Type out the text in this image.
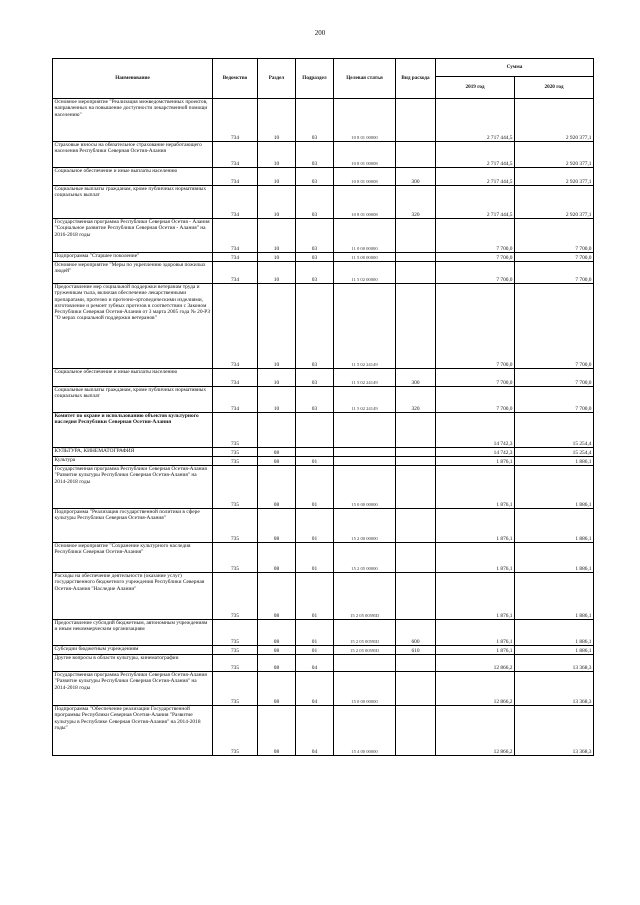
200
Наименование	Ведомство	Раздел	Подраздел	Целевая статья	Вид расхода	Сумма	
						2019 год	2020 год
Основное мероприятие "Реализация межведомственных проектов, направленных на повышение доступности лекарственной помощи населению"	734	10	03	10 8 01 00000		2 717 444,5	2 920 377,1
Страховые взносы на обязательное страхование неработающего населения Республики Северная Осетия-Алания	734	10	03	10 8 01 00008		2 717 444,5	2 920 377,1
Социальное обеспечение и иные выплаты населению	734	10	03	10 8 01 00008	300	2 717 444,5	2 920 377,1
Социальные выплаты гражданам, кроме публичных нормативных социальных выплат	734	10	03	10 8 01 00008	320	2 717 444,5	2 920 377,1
Государственная программа Республики Северная Осетия - Алания "Социальное развитие Республики Северная Осетия - Алания" на 2016-2018 годы	734	10	03	11 0 00 00000		7 700,0	7 700,0
Подпрограмма "Старшее поколение"	734	10	03	11 5 00 00000		7 700,0	7 700,0
Основное мероприятие "Меры по укреплению здоровья пожилых людей"	734	10	03	11 5 02 00000		7 700,0	7 700,0
Предоставление мер социальной поддержки ветеранам труда и труженикам тыла, включая обеспечение лекарственными препаратами, протезно и протезно-ортопедическими изделиями, изготовление и ремонт зубных протезов в соответствии с Законом Республики Северная Осетия-Алания от 3 марта 2005 года № 20-РЗ "О мерах социальной поддержки ветеранов"	734	10	03	11 5 02 24149		7 700,0	7 700,0
Социальное обеспечение и иные выплаты населению	734	10	03	11 5 02 24149	300	7 700,0	7 700,0
Социальные выплаты гражданам, кроме публичных нормативных социальных выплат	734	10	03	11 5 02 24149	320	7 700,0	7 700,0
Комитет по охране и использованию объектов культурного наследия Республики Северная Осетия-Алания	735					14 742,3	15 254,4
КУЛЬТУРА, КИНЕМАТОГРАФИЯ	735	08				14 742,3	15 254,4
Культура	735	08	01			1 876,1	1 886,1
Государственная программа Республики Северная Осетия-Алания "Развитие культуры Республики Северная Осетия-Алания" на 2014-2018 годы	735	08	01	15 0 00 00000		1 876,1	1 886,1
Подпрограмма "Реализация государственной политики в сфере культуры Республики Северная Осетия-Алания"	735	08	01	15 2 00 00000		1 876,1	1 886,1
Основное мероприятие "Сохранение культурного наследия Республики Северная Осетия-Алания"	735	08	01	15 2 05 00000		1 876,1	1 886,1
Расходы на обеспечение деятельности (оказание услуг) государственного бюджетного учреждения Республики Северная Осетия-Алания "Наследие Алании"	735	08	01	15 2 05 0059Ш		1 876,1	1 886,1
Предоставление субсидий бюджетным, автономным учреждениям и иным некоммерческим организациям	735	08	01	15 2 05 0059Ш	600	1 876,1	1 886,1
Субсидии бюджетным учреждениям	735	08	01	15 2 05 0059Ш	610	1 876,1	1 886,1
Другие вопросы в области культуры, кинематографии	735	08	04			12 866,2	13 368,3
Государственная программа Республики Северная Осетия-Алания "Развитие культуры Республики Северная Осетия-Алания" на 2014-2018 годы	735	08	04	15 0 00 00000		12 866,2	13 368,3
Подпрограмма "Обеспечение реализации Государственной программы Республики Северная Осетия-Алания "Развитие культуры в Республике Северная Осетия-Алания" на 2014-2018 годы"	735	08	04	15 4 00 00000		12 866,2	13 368,3
